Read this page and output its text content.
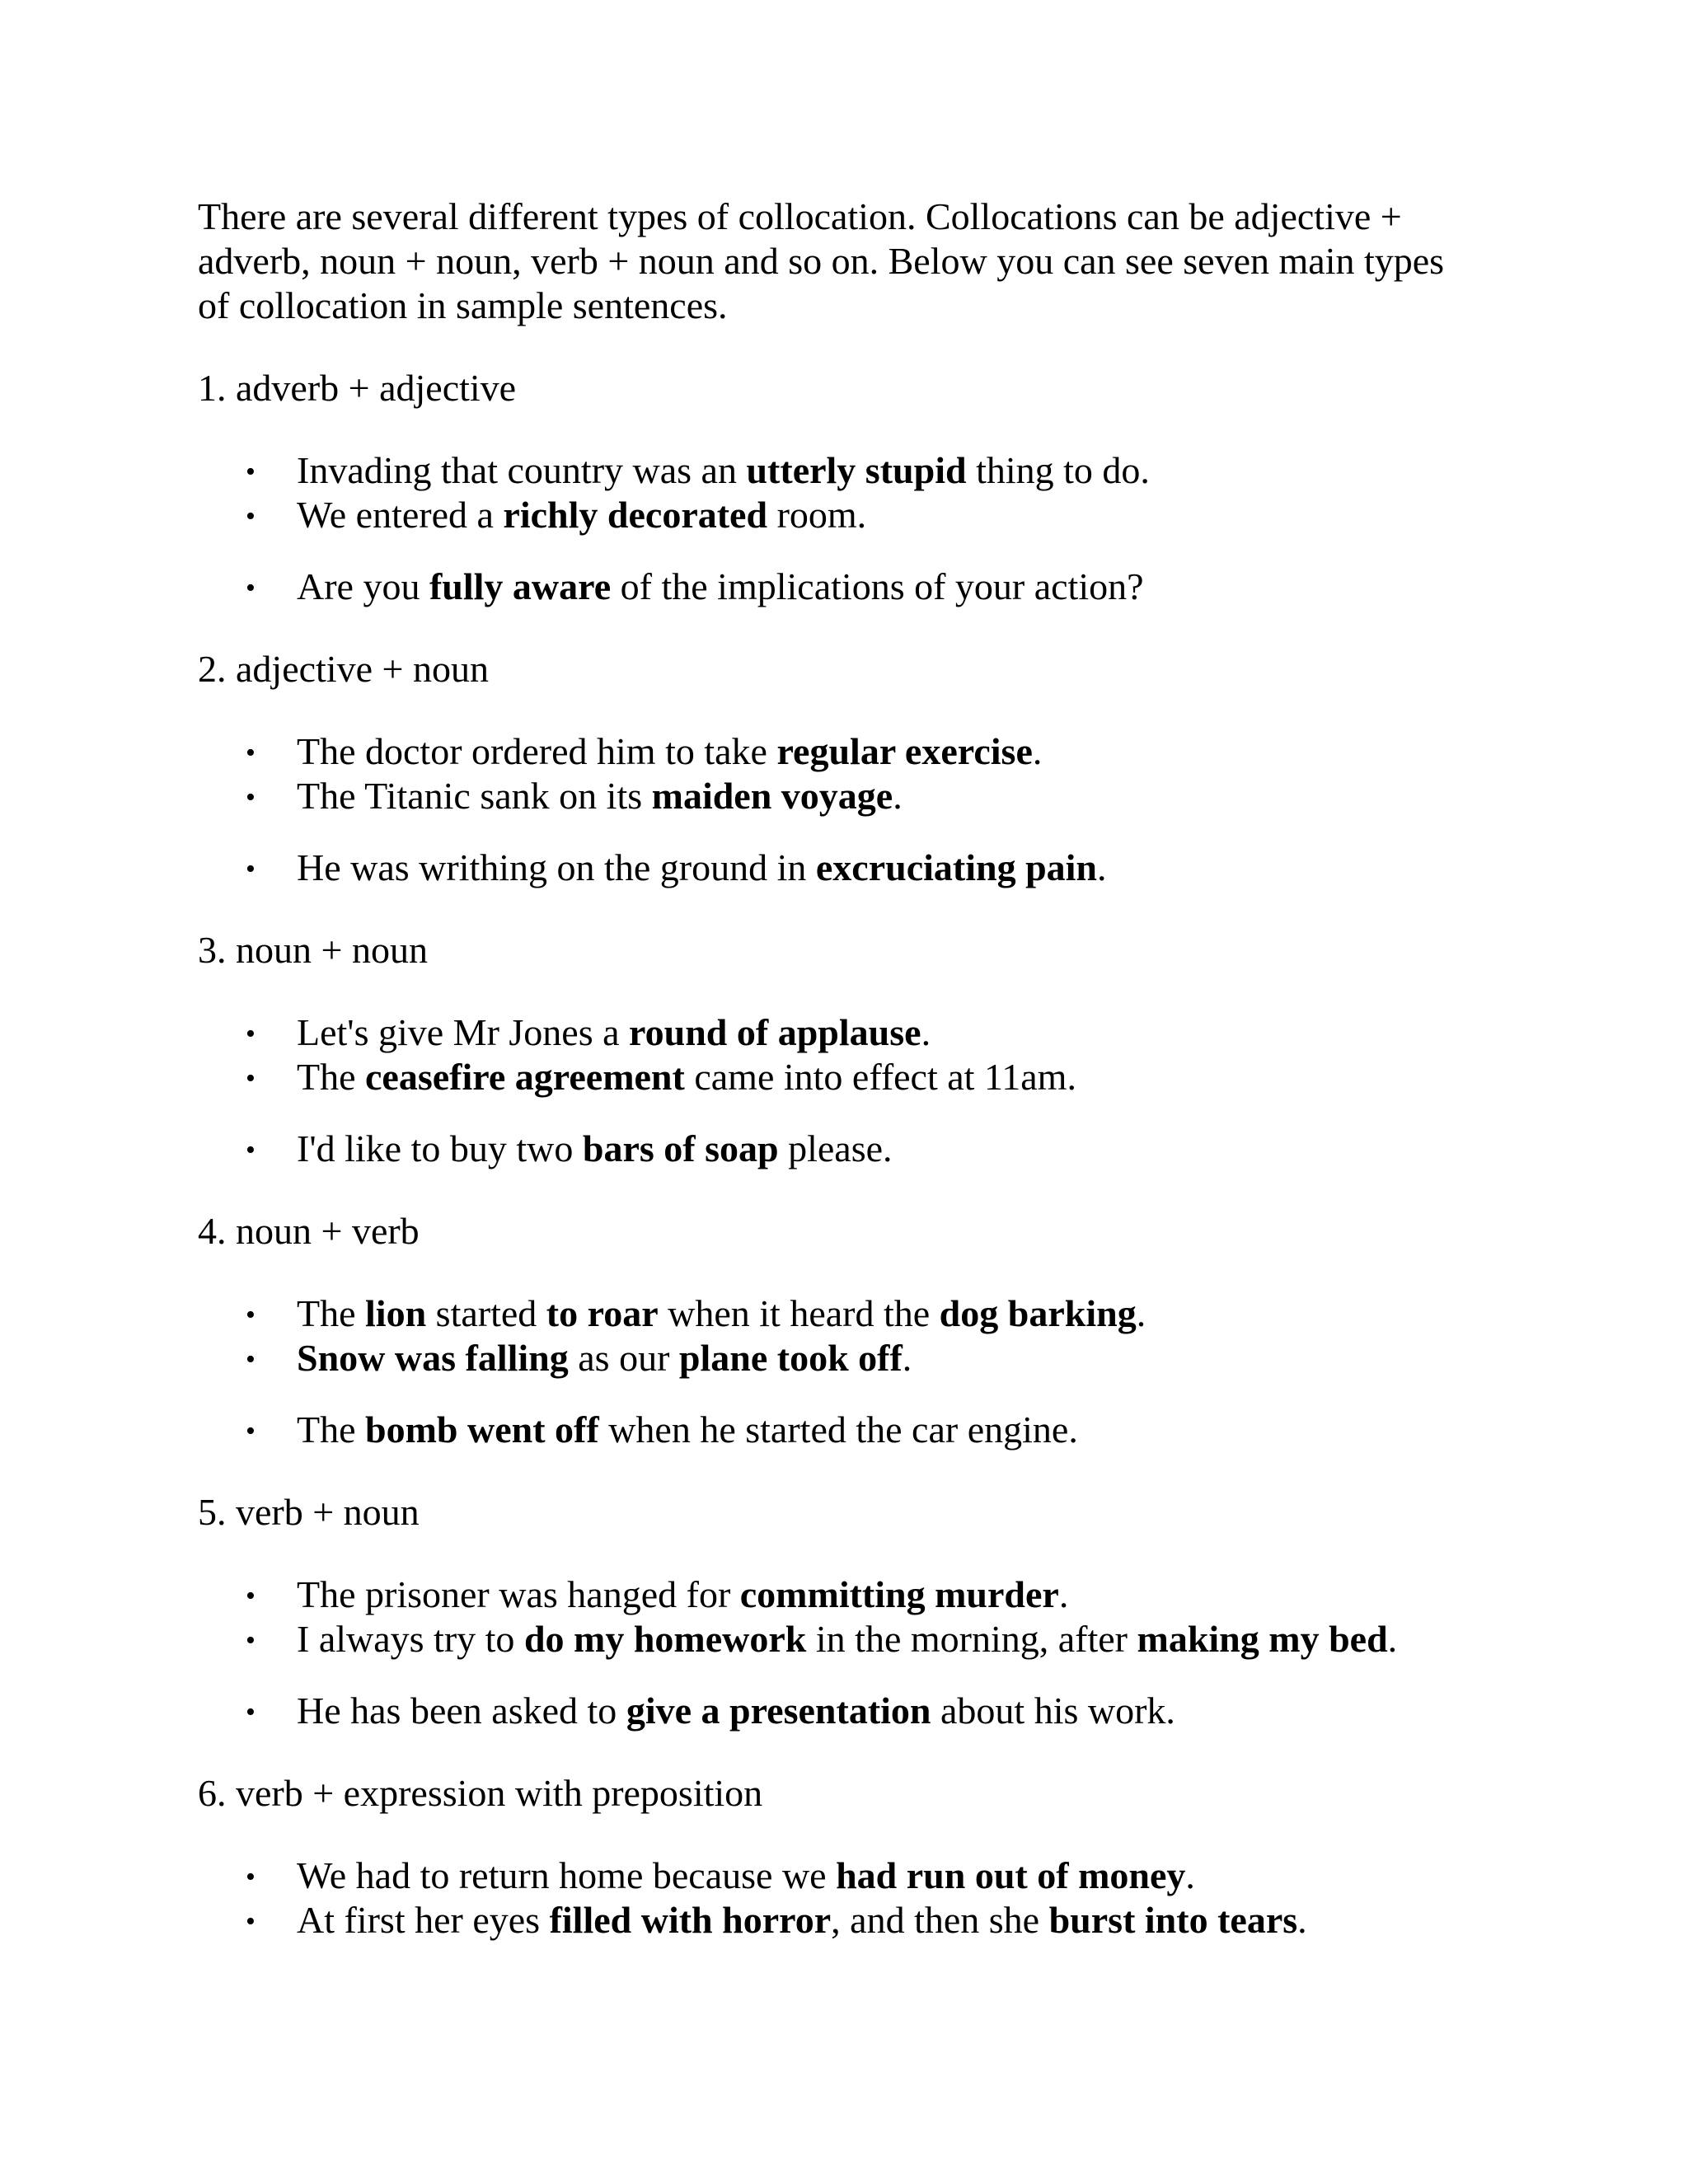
There are several different types of collocation. Collocations can be adjective +
adverb, noun + noun, verb + noun and so on. Below you can see seven main types
of collocation in sample sentences.

1. adverb + adjective

• Invading that country was an utterly stupid thing to do.
• We entered a richly decorated room.
• Are you fully aware of the implications of your action?

2. adjective + noun

• The doctor ordered him to take regular exercise.
• The Titanic sank on its maiden voyage.
• He was writhing on the ground in excruciating pain.

3. noun + noun

• Let's give Mr Jones a round of applause.
• The ceasefire agreement came into effect at 11am.
• I'd like to buy two bars of soap please.

4. noun + verb

• The lion started to roar when it heard the dog barking.
• Snow was falling as our plane took off.
• The bomb went off when he started the car engine.

5. verb + noun

• The prisoner was hanged for committing murder.
• I always try to do my homework in the morning, after making my bed.
• He has been asked to give a presentation about his work.

6. verb + expression with preposition

• We had to return home because we had run out of money.
• At first her eyes filled with horror, and then she burst into tears.
